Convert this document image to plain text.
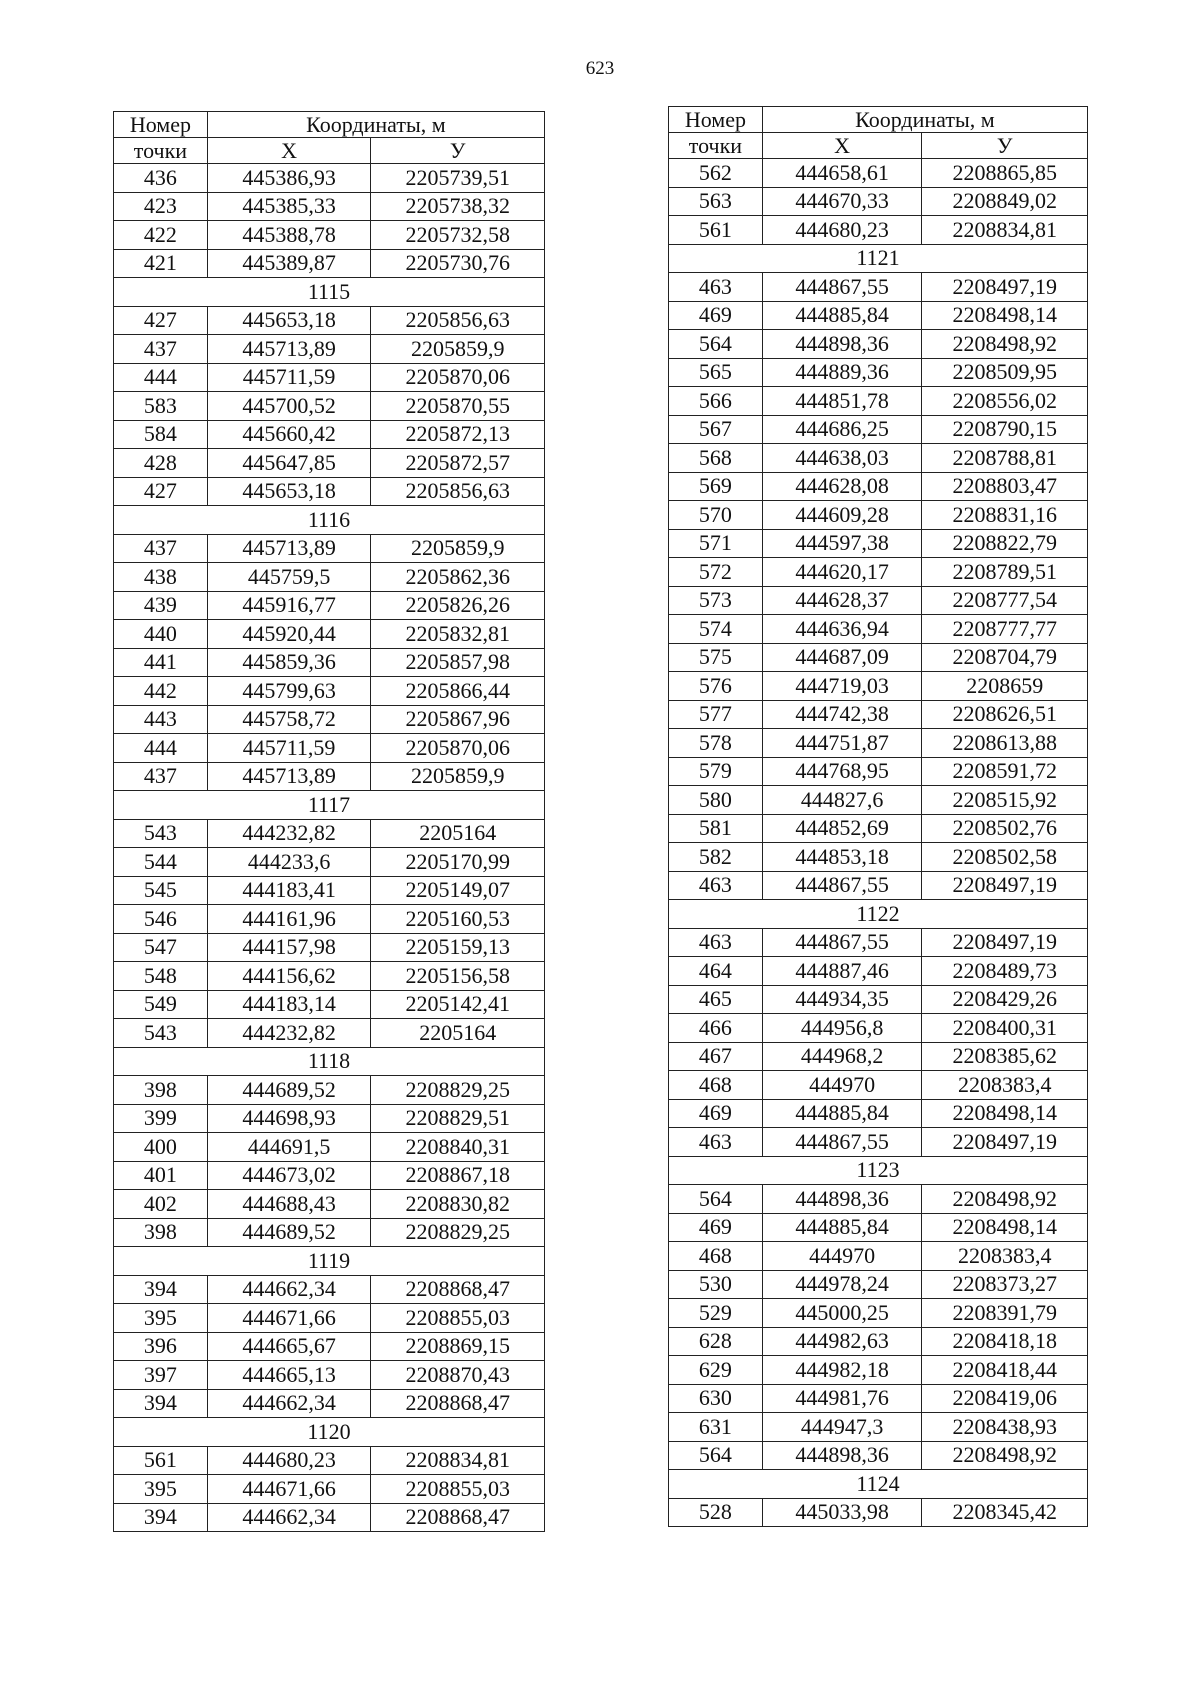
623
Номер	Координаты, м	
точки	X	У
436	445386,93	2205739,51
423	445385,33	2205738,32
422	445388,78	2205732,58
421	445389,87	2205730,76
1115		
427	445653,18	2205856,63
437	445713,89	2205859,9
444	445711,59	2205870,06
583	445700,52	2205870,55
584	445660,42	2205872,13
428	445647,85	2205872,57
427	445653,18	2205856,63
1116		
437	445713,89	2205859,9
438	445759,5	2205862,36
439	445916,77	2205826,26
440	445920,44	2205832,81
441	445859,36	2205857,98
442	445799,63	2205866,44
443	445758,72	2205867,96
444	445711,59	2205870,06
437	445713,89	2205859,9
1117		
543	444232,82	2205164
544	444233,6	2205170,99
545	444183,41	2205149,07
546	444161,96	2205160,53
547	444157,98	2205159,13
548	444156,62	2205156,58
549	444183,14	2205142,41
543	444232,82	2205164
1118		
398	444689,52	2208829,25
399	444698,93	2208829,51
400	444691,5	2208840,31
401	444673,02	2208867,18
402	444688,43	2208830,82
398	444689,52	2208829,25
1119		
394	444662,34	2208868,47
395	444671,66	2208855,03
396	444665,67	2208869,15
397	444665,13	2208870,43
394	444662,34	2208868,47
1120		
561	444680,23	2208834,81
395	444671,66	2208855,03
394	444662,34	2208868,47
Номер	Координаты, м	
точки	X	У
562	444658,61	2208865,85
563	444670,33	2208849,02
561	444680,23	2208834,81
1121		
463	444867,55	2208497,19
469	444885,84	2208498,14
564	444898,36	2208498,92
565	444889,36	2208509,95
566	444851,78	2208556,02
567	444686,25	2208790,15
568	444638,03	2208788,81
569	444628,08	2208803,47
570	444609,28	2208831,16
571	444597,38	2208822,79
572	444620,17	2208789,51
573	444628,37	2208777,54
574	444636,94	2208777,77
575	444687,09	2208704,79
576	444719,03	2208659
577	444742,38	2208626,51
578	444751,87	2208613,88
579	444768,95	2208591,72
580	444827,6	2208515,92
581	444852,69	2208502,76
582	444853,18	2208502,58
463	444867,55	2208497,19
1122		
463	444867,55	2208497,19
464	444887,46	2208489,73
465	444934,35	2208429,26
466	444956,8	2208400,31
467	444968,2	2208385,62
468	444970	2208383,4
469	444885,84	2208498,14
463	444867,55	2208497,19
1123		
564	444898,36	2208498,92
469	444885,84	2208498,14
468	444970	2208383,4
530	444978,24	2208373,27
529	445000,25	2208391,79
628	444982,63	2208418,18
629	444982,18	2208418,44
630	444981,76	2208419,06
631	444947,3	2208438,93
564	444898,36	2208498,92
1124		
528	445033,98	2208345,42
